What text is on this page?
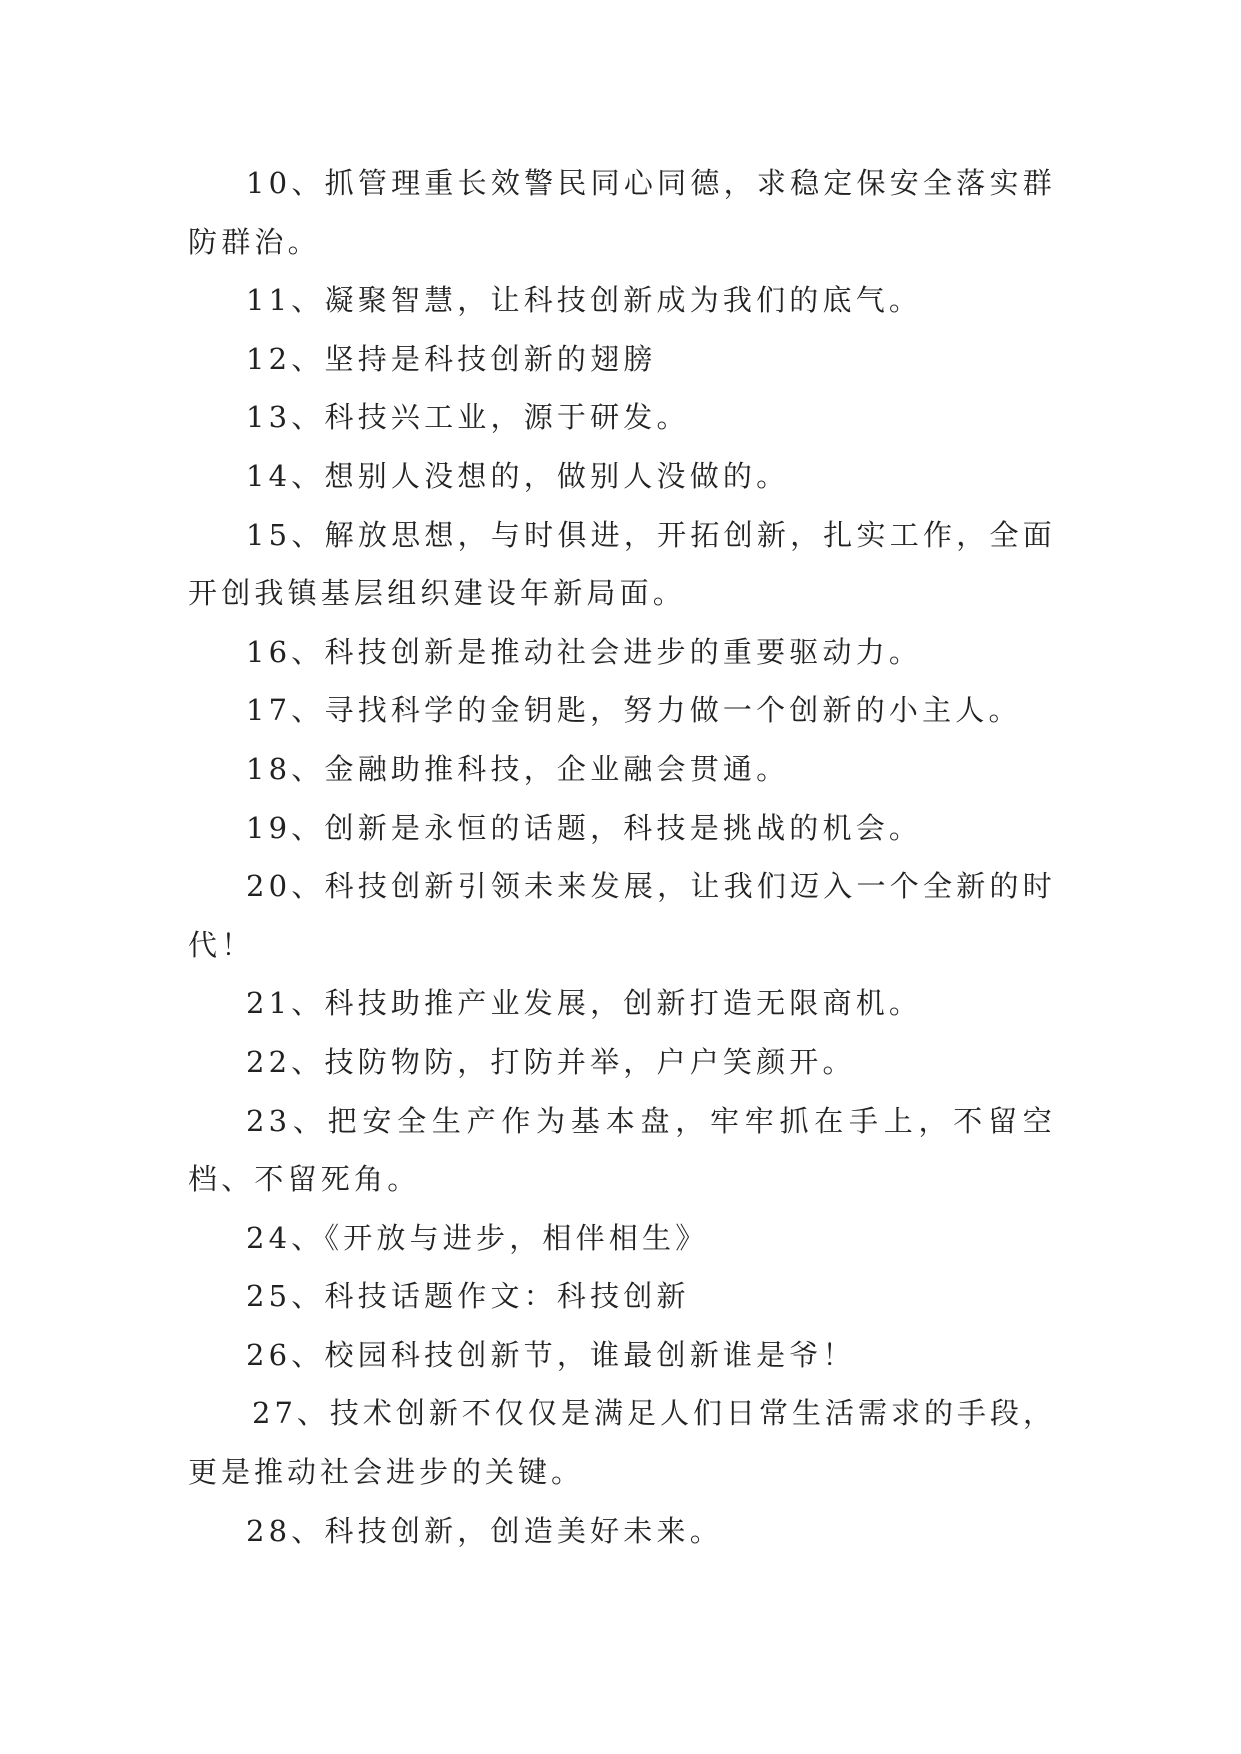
10、抓管理重长效警民同心同德，求稳定保安全落实群防群治。

11、凝聚智慧，让科技创新成为我们的底气。

12、坚持是科技创新的翅膀

13、科技兴工业，源于研发。

14、想别人没想的，做别人没做的。

15、解放思想，与时俱进，开拓创新，扎实工作，全面开创我镇基层组织建设年新局面。

16、科技创新是推动社会进步的重要驱动力。

17、寻找科学的金钥匙，努力做一个创新的小主人。

18、金融助推科技，企业融会贯通。

19、创新是永恒的话题，科技是挑战的机会。

20、科技创新引领未来发展，让我们迈入一个全新的时代！

21、科技助推产业发展，创新打造无限商机。

22、技防物防，打防并举，户户笑颜开。

23、把安全生产作为基本盘，牢牢抓在手上，不留空档、不留死角。

24、《开放与进步，相伴相生》

25、科技话题作文：科技创新

26、校园科技创新节，谁最创新谁是爷！

27、技术创新不仅仅是满足人们日常生活需求的手段，更是推动社会进步的关键。

28、科技创新，创造美好未来。
